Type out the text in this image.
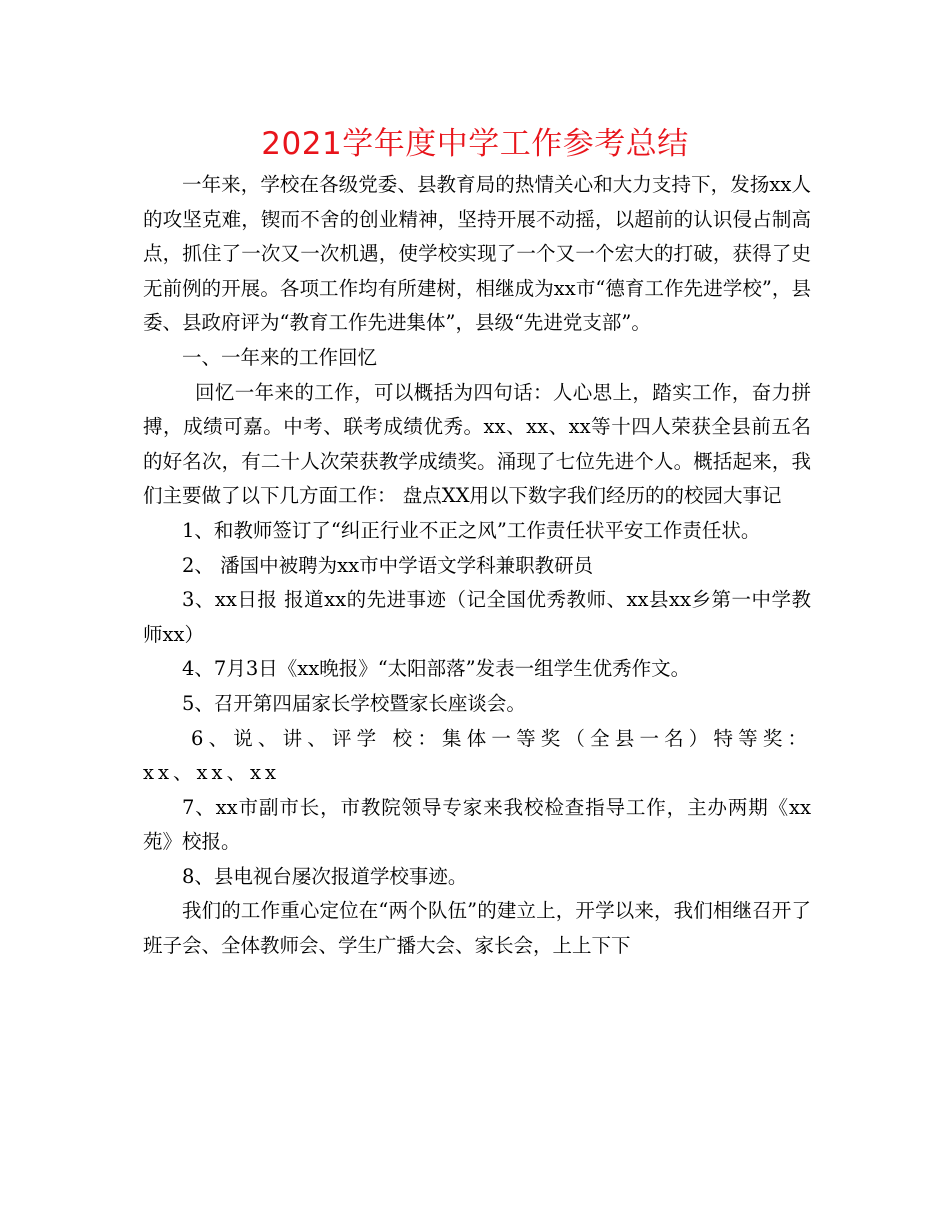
2021学年度中学工作参考总结

一年来，学校在各级党委、县教育局的热情关心和大力支持下，发扬xx人的攻坚克难，锲而不舍的创业精神，坚持开展不动摇，以超前的认识侵占制高点，抓住了一次又一次机遇，使学校实现了一个又一个宏大的打破，获得了史无前例的开展。各项工作均有所建树，相继成为xx市“德育工作先进学校”，县委、县政府评为“教育工作先进集体”，县级“先进党支部”。

一、一年来的工作回忆

回忆一年来的工作，可以概括为四句话：人心思上，踏实工作，奋力拼搏，成绩可嘉。中考、联考成绩优秀。xx、xx、xx等十四人荣获全县前五名的好名次，有二十人次荣获教学成绩奖。涌现了七位先进个人。概括起来，我们主要做了以下几方面工作： 盘点XX用以下数字我们经历的的校园大事记

1、和教师签订了“纠正行业不正之风”工作责任状平安工作责任状。

2、 潘国中被聘为xx市中学语文学科兼职教研员

3、xx日报 报道xx的先进事迹（记全国优秀教师、xx县xx乡第一中学教师xx）

4、7月3日《xx晚报》“太阳部落”发表一组学生优秀作文。

5、召开第四届家长学校暨家长座谈会。

6、说、讲、评学 校：集体一等奖（全县一名）特等奖：xx、xx、xx

7、xx市副市长，市教院领导专家来我校检查指导工作，主办两期《xx苑》校报。

8、县电视台屡次报道学校事迹。

我们的工作重心定位在“两个队伍”的建立上，开学以来，我们相继召开了班子会、全体教师会、学生广播大会、家长会，上上下下
